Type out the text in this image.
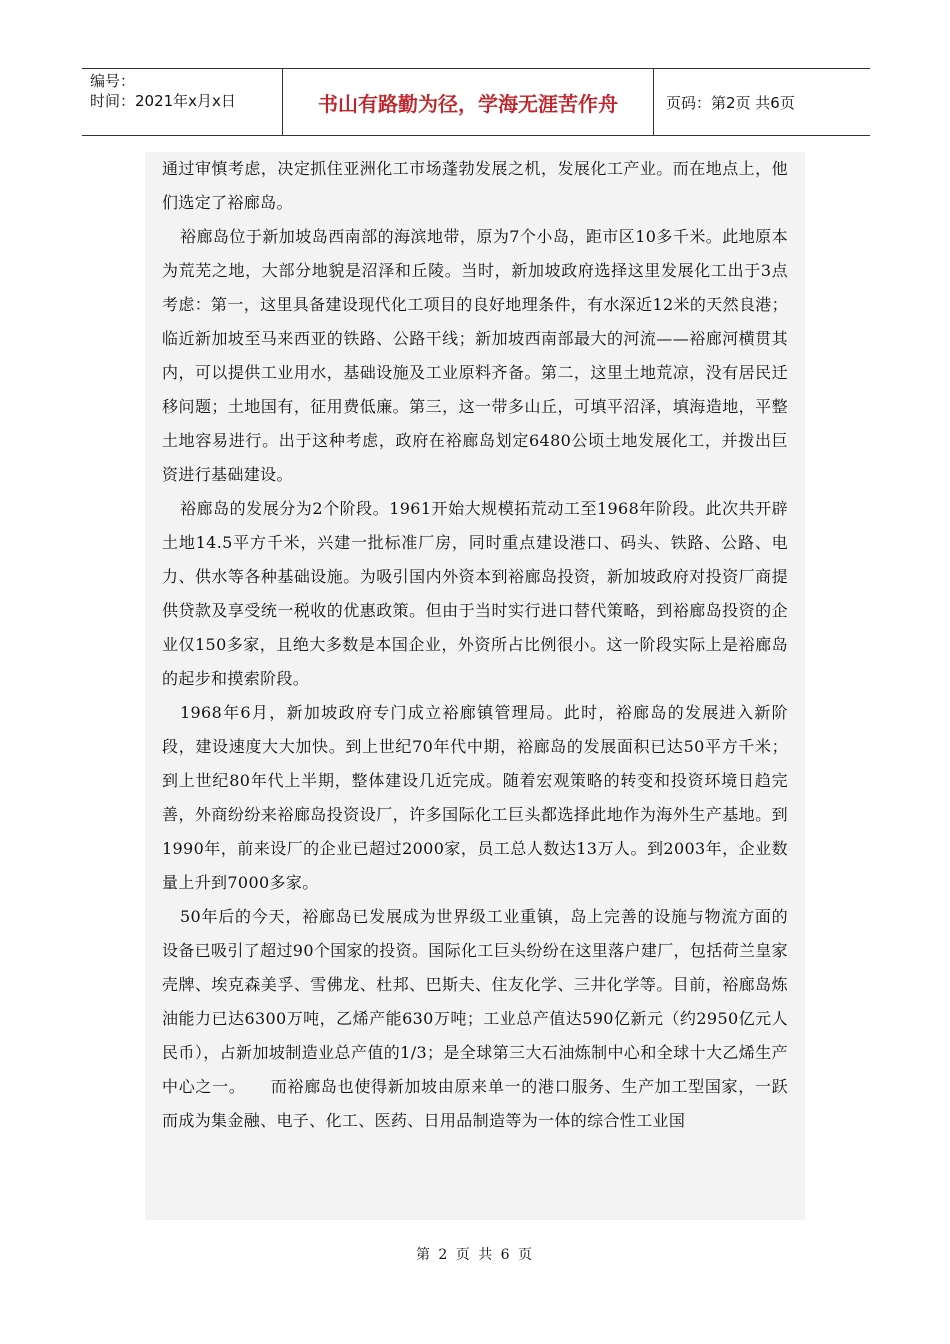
编号：
时间：2021年x月x日	书山有路勤为径，学海无涯苦作舟	页码：第2页 共6页

通过审慎考虑，决定抓住亚洲化工市场蓬勃发展之机，发展化工产业。而在地点上，他们选定了裕廊岛。

裕廊岛位于新加坡岛西南部的海滨地带，原为7个小岛，距市区10多千米。此地原本为荒芜之地，大部分地貌是沼泽和丘陵。当时，新加坡政府选择这里发展化工出于3点考虑：第一，这里具备建设现代化工项目的良好地理条件，有水深近12米的天然良港；临近新加坡至马来西亚的铁路、公路干线；新加坡西南部最大的河流——裕廊河横贯其内，可以提供工业用水，基础设施及工业原料齐备。第二，这里土地荒凉，没有居民迁移问题；土地国有，征用费低廉。第三，这一带多山丘，可填平沼泽，填海造地，平整土地容易进行。出于这种考虑，政府在裕廊岛划定6480公顷土地发展化工，并拨出巨资进行基础建设。

裕廊岛的发展分为2个阶段。1961开始大规模拓荒动工至1968年阶段。此次共开辟土地14.5平方千米，兴建一批标准厂房，同时重点建设港口、码头、铁路、公路、电力、供水等各种基础设施。为吸引国内外资本到裕廊岛投资，新加坡政府对投资厂商提供贷款及享受统一税收的优惠政策。但由于当时实行进口替代策略，到裕廊岛投资的企业仅150多家，且绝大多数是本国企业，外资所占比例很小。这一阶段实际上是裕廊岛的起步和摸索阶段。

1968年6月，新加坡政府专门成立裕廊镇管理局。此时，裕廊岛的发展进入新阶段，建设速度大大加快。到上世纪70年代中期，裕廊岛的发展面积已达50平方千米；到上世纪80年代上半期，整体建设几近完成。随着宏观策略的转变和投资环境日趋完善，外商纷纷来裕廊岛投资设厂，许多国际化工巨头都选择此地作为海外生产基地。到1990年，前来设厂的企业已超过2000家，员工总人数达13万人。到2003年，企业数量上升到7000多家。

50年后的今天，裕廊岛已发展成为世界级工业重镇，岛上完善的设施与物流方面的设备已吸引了超过90个国家的投资。国际化工巨头纷纷在这里落户建厂，包括荷兰皇家壳牌、埃克森美孚、雪佛龙、杜邦、巴斯夫、住友化学、三井化学等。目前，裕廊岛炼油能力已达6300万吨，乙烯产能630万吨；工业总产值达590亿新元（约2950亿元人民币），占新加坡制造业总产值的1/3；是全球第三大石油炼制中心和全球十大乙烯生产中心之一。　　而裕廊岛也使得新加坡由原来单一的港口服务、生产加工型国家，一跃而成为集金融、电子、化工、医药、日用品制造等为一体的综合性工业国

第 2 页 共 6 页
